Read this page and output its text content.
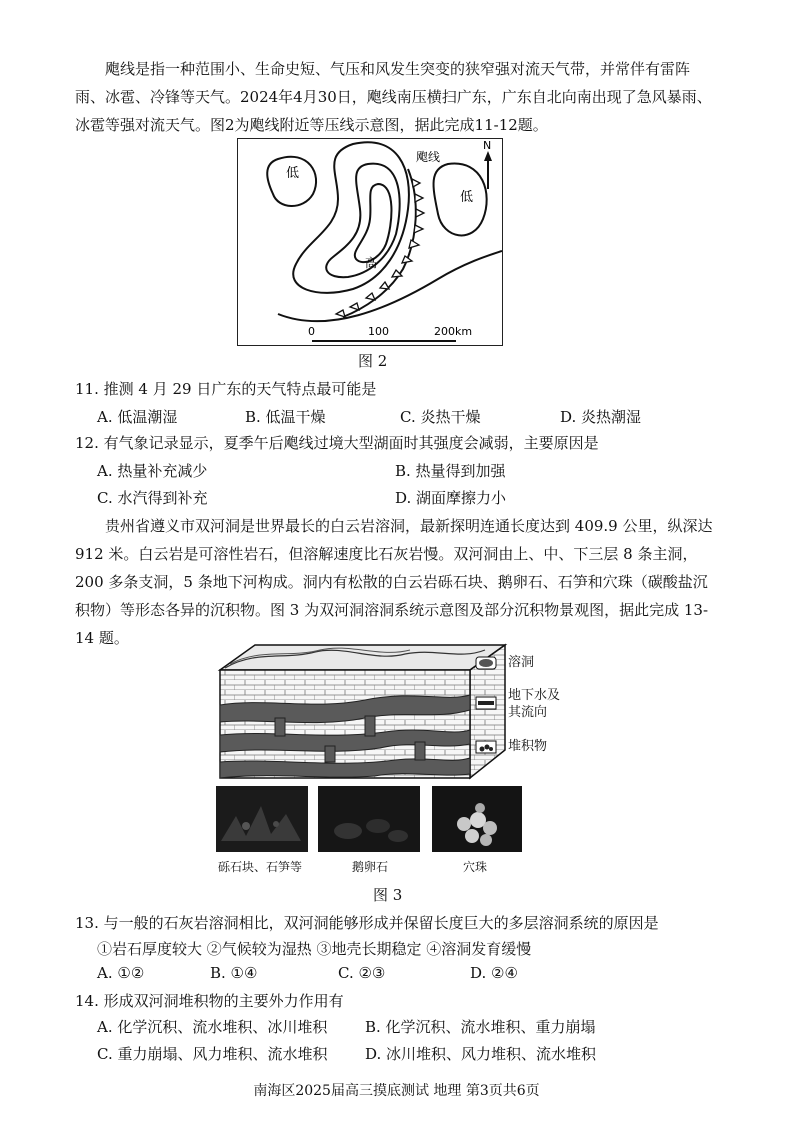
飑线是指一种范围小、生命史短、气压和风发生突变的狭窄强对流天气带，并常伴有雷阵雨、冰雹、冷锋等天气。2024年4月30日，飑线南压横扫广东，广东自北向南出现了急风暴雨、冰雹等强对流天气。图2为飑线附近等压线示意图，据此完成11-12题。

低
低
高
飑线
N
0	100	200km
图 2
11. 推测 4 月 29 日广东的天气特点最可能是
A. 低温潮湿	B. 低温干燥	C. 炎热干燥	D. 炎热潮湿
12. 有气象记录显示，夏季午后飑线过境大型湖面时其强度会减弱，主要原因是
A. 热量补充减少	B. 热量得到加强
C. 水汽得到补充	D. 湖面摩擦力小

贵州省遵义市双河洞是世界最长的白云岩溶洞，最新探明连通长度达到 409.9 公里，纵深达 912 米。白云岩是可溶性岩石，但溶解速度比石灰岩慢。双河洞由上、中、下三层 8 条主洞，200 多条支洞，5 条地下河构成。洞内有松散的白云岩砾石块、鹅卵石、石笋和穴珠（碳酸盐沉积物）等形态各异的沉积物。图 3 为双河洞溶洞系统示意图及部分沉积物景观图，据此完成 13-14 题。

溶洞
地下水及
其流向
堆积物
砾石块、石笋等	鹅卵石	穴珠
图 3
13. 与一般的石灰岩溶洞相比，双河洞能够形成并保留长度巨大的多层溶洞系统的原因是
①岩石厚度较大 ②气候较为湿热 ③地壳长期稳定 ④溶洞发育缓慢
A. ①②	B. ①④	C. ②③	D. ②④
14. 形成双河洞堆积物的主要外力作用有
A. 化学沉积、流水堆积、冰川堆积	B. 化学沉积、流水堆积、重力崩塌
C. 重力崩塌、风力堆积、流水堆积	D. 冰川堆积、风力堆积、流水堆积
南海区2025届高三摸底测试 地理 第3页共6页
